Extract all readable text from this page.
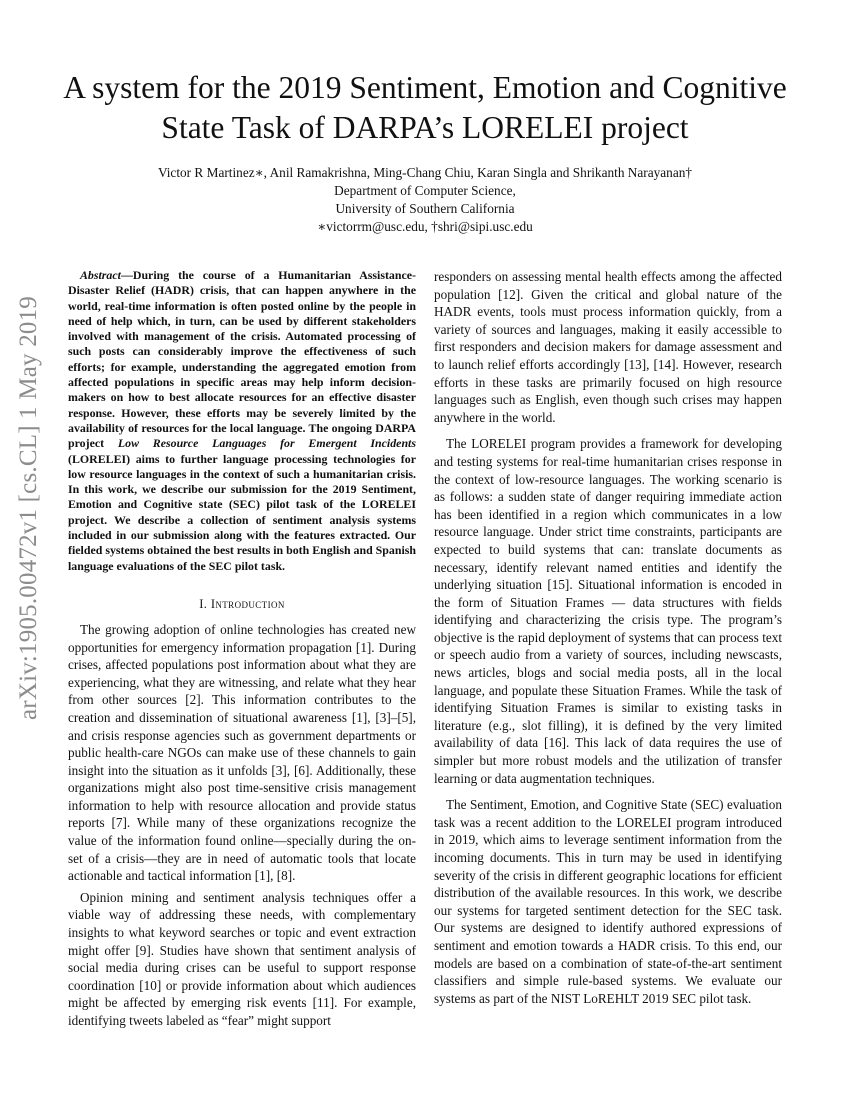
arXiv:1905.00472v1 [cs.CL] 1 May 2019
A system for the 2019 Sentiment, Emotion and Cognitive State Task of DARPA’s LORELEI project
Victor R Martinez∗, Anil Ramakrishna, Ming-Chang Chiu, Karan Singla and Shrikanth Narayanan†
Department of Computer Science,
University of Southern California
∗victorrm@usc.edu, †shri@sipi.usc.edu

Abstract—During the course of a Humanitarian Assistance-Disaster Relief (HADR) crisis, that can happen anywhere in the world, real-time information is often posted online by the people in need of help which, in turn, can be used by different stakeholders involved with management of the crisis. Automated processing of such posts can considerably improve the effectiveness of such efforts; for example, understanding the aggregated emotion from affected populations in specific areas may help inform decision-makers on how to best allocate resources for an effective disaster response. However, these efforts may be severely limited by the availability of resources for the local language. The ongoing DARPA project Low Resource Languages for Emergent Incidents (LORELEI) aims to further language processing technologies for low resource languages in the context of such a humanitarian crisis. In this work, we describe our submission for the 2019 Sentiment, Emotion and Cognitive state (SEC) pilot task of the LORELEI project. We describe a collection of sentiment analysis systems included in our submission along with the features extracted. Our fielded systems obtained the best results in both English and Spanish language evaluations of the SEC pilot task.

I. Introduction

The growing adoption of online technologies has created new opportunities for emergency information propagation [1]. During crises, affected populations post information about what they are experiencing, what they are witnessing, and relate what they hear from other sources [2]. This information contributes to the creation and dissemination of situational awareness [1], [3]–[5], and crisis response agencies such as government departments or public health-care NGOs can make use of these channels to gain insight into the situation as it unfolds [3], [6]. Additionally, these organizations might also post time-sensitive crisis management information to help with resource allocation and provide status reports [7]. While many of these organizations recognize the value of the information found online—specially during the on-set of a crisis—they are in need of automatic tools that locate actionable and tactical information [1], [8].

Opinion mining and sentiment analysis techniques offer a viable way of addressing these needs, with complementary insights to what keyword searches or topic and event extraction might offer [9]. Studies have shown that sentiment analysis of social media during crises can be useful to support response coordination [10] or provide information about which audiences might be affected by emerging risk events [11]. For example, identifying tweets labeled as “fear” might support

responders on assessing mental health effects among the affected population [12]. Given the critical and global nature of the HADR events, tools must process information quickly, from a variety of sources and languages, making it easily accessible to first responders and decision makers for damage assessment and to launch relief efforts accordingly [13], [14]. However, research efforts in these tasks are primarily focused on high resource languages such as English, even though such crises may happen anywhere in the world.

The LORELEI program provides a framework for developing and testing systems for real-time humanitarian crises response in the context of low-resource languages. The working scenario is as follows: a sudden state of danger requiring immediate action has been identified in a region which communicates in a low resource language. Under strict time constraints, participants are expected to build systems that can: translate documents as necessary, identify relevant named entities and identify the underlying situation [15]. Situational information is encoded in the form of Situation Frames — data structures with fields identifying and characterizing the crisis type. The program’s objective is the rapid deployment of systems that can process text or speech audio from a variety of sources, including newscasts, news articles, blogs and social media posts, all in the local language, and populate these Situation Frames. While the task of identifying Situation Frames is similar to existing tasks in literature (e.g., slot filling), it is defined by the very limited availability of data [16]. This lack of data requires the use of simpler but more robust models and the utilization of transfer learning or data augmentation techniques.

The Sentiment, Emotion, and Cognitive State (SEC) evaluation task was a recent addition to the LORELEI program introduced in 2019, which aims to leverage sentiment information from the incoming documents. This in turn may be used in identifying severity of the crisis in different geographic locations for efficient distribution of the available resources. In this work, we describe our systems for targeted sentiment detection for the SEC task. Our systems are designed to identify authored expressions of sentiment and emotion towards a HADR crisis. To this end, our models are based on a combination of state-of-the-art sentiment classifiers and simple rule-based systems. We evaluate our systems as part of the NIST LoREHLT 2019 SEC pilot task.
